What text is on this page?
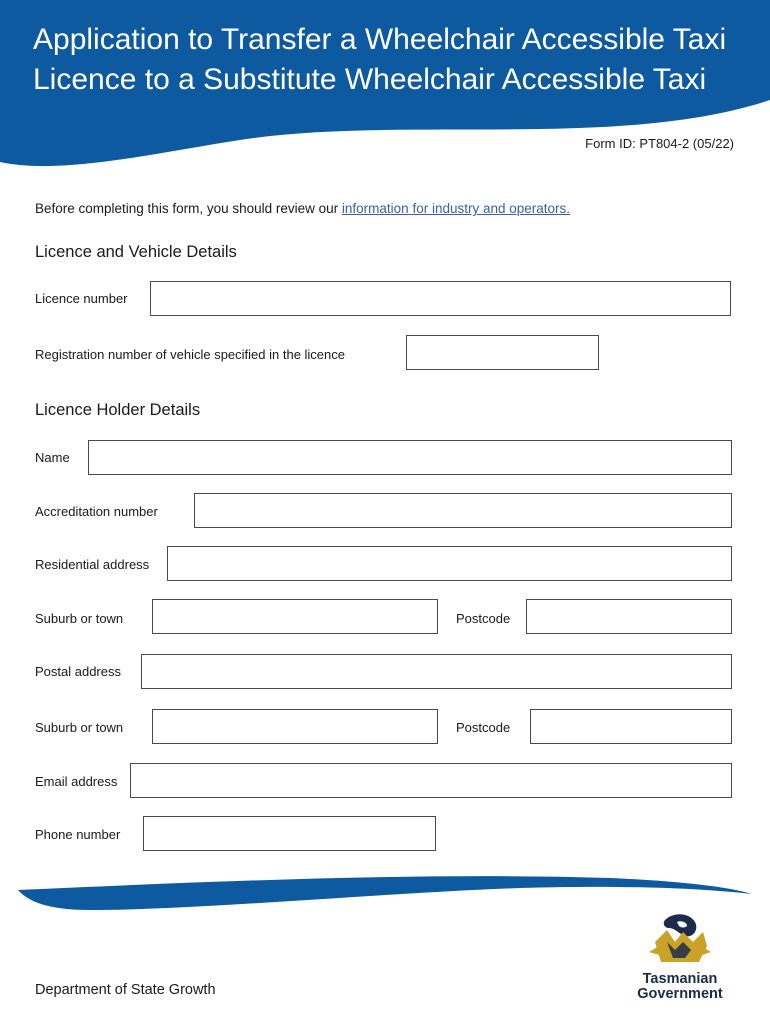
Application to Transfer a Wheelchair Accessible Taxi Licence to a Substitute Wheelchair Accessible Taxi
Form ID: PT804-2 (05/22)
Before completing this form, you should review our information for industry and operators.
Licence and Vehicle Details
Licence number
Registration number of vehicle specified in the licence
Licence Holder Details
Name
Accreditation number
Residential address
Suburb or town	Postcode
Postal address
Suburb or town	Postcode
Email address
Phone number
Department of State Growth
Tasmanian
Government
